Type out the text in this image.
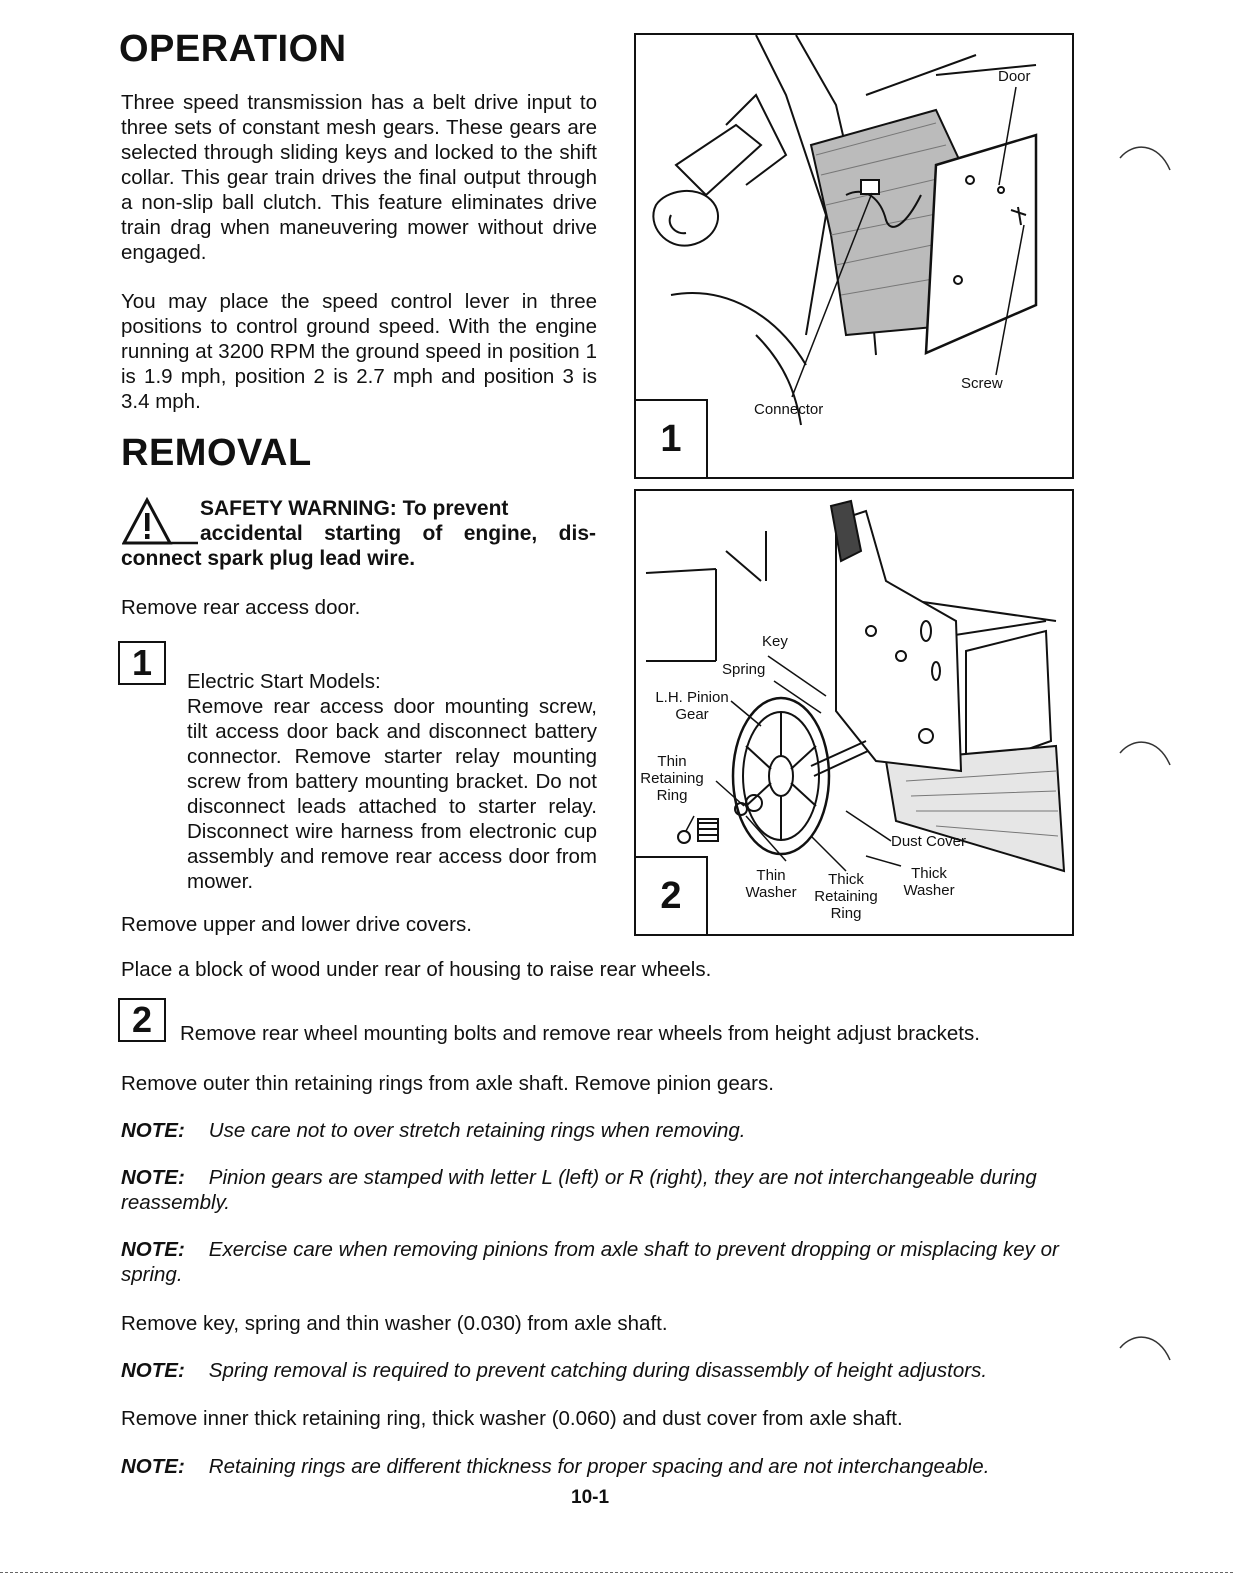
OPERATION
Three speed transmission has a belt drive input to three sets of constant mesh gears. These gears are selected through sliding keys and locked to the shift collar. This gear train drives the final output through a non-slip ball clutch. This feature eliminates drive train drag when maneuvering mower without drive engaged.
You may place the speed control lever in three positions to control ground speed. With the engine running at 3200 RPM the ground speed in position 1 is 1.9 mph, position 2 is 2.7 mph and position 3 is 3.4 mph.
REMOVAL
SAFETY WARNING: To prevent
accidental starting of engine, dis-
connect spark plug lead wire.
Remove rear access door.
1	Electric Start Models:
Remove rear access door mounting screw, tilt access door back and disconnect battery connector. Remove starter relay mounting screw from battery mounting bracket. Do not disconnect leads attached to starter relay. Disconnect wire harness from electronic cup assembly and remove rear access door from mower.
Remove upper and lower drive covers.
Place a block of wood under rear of housing to raise rear wheels.
2	Remove rear wheel mounting bolts and remove rear wheels from height adjust brackets.
Remove outer thin retaining rings from axle shaft. Remove pinion gears.
NOTE: Use care not to over stretch retaining rings when removing.
NOTE: Pinion gears are stamped with letter L (left) or R (right), they are not interchangeable during reassembly.
NOTE: Exercise care when removing pinions from axle shaft to prevent dropping or misplacing key or spring.
Remove key, spring and thin washer (0.030) from axle shaft.
NOTE: Spring removal is required to prevent catching during disassembly of height adjustors.
Remove inner thick retaining ring, thick washer (0.060) and dust cover from axle shaft.
NOTE: Retaining rings are different thickness for proper spacing and are not interchangeable.
10-1
Door
Screw
Connector
1
Key
Spring
L.H. Pinion Gear
Thin Retaining Ring
Dust Cover
Thin Washer
Thick Retaining Ring
Thick Washer
2
